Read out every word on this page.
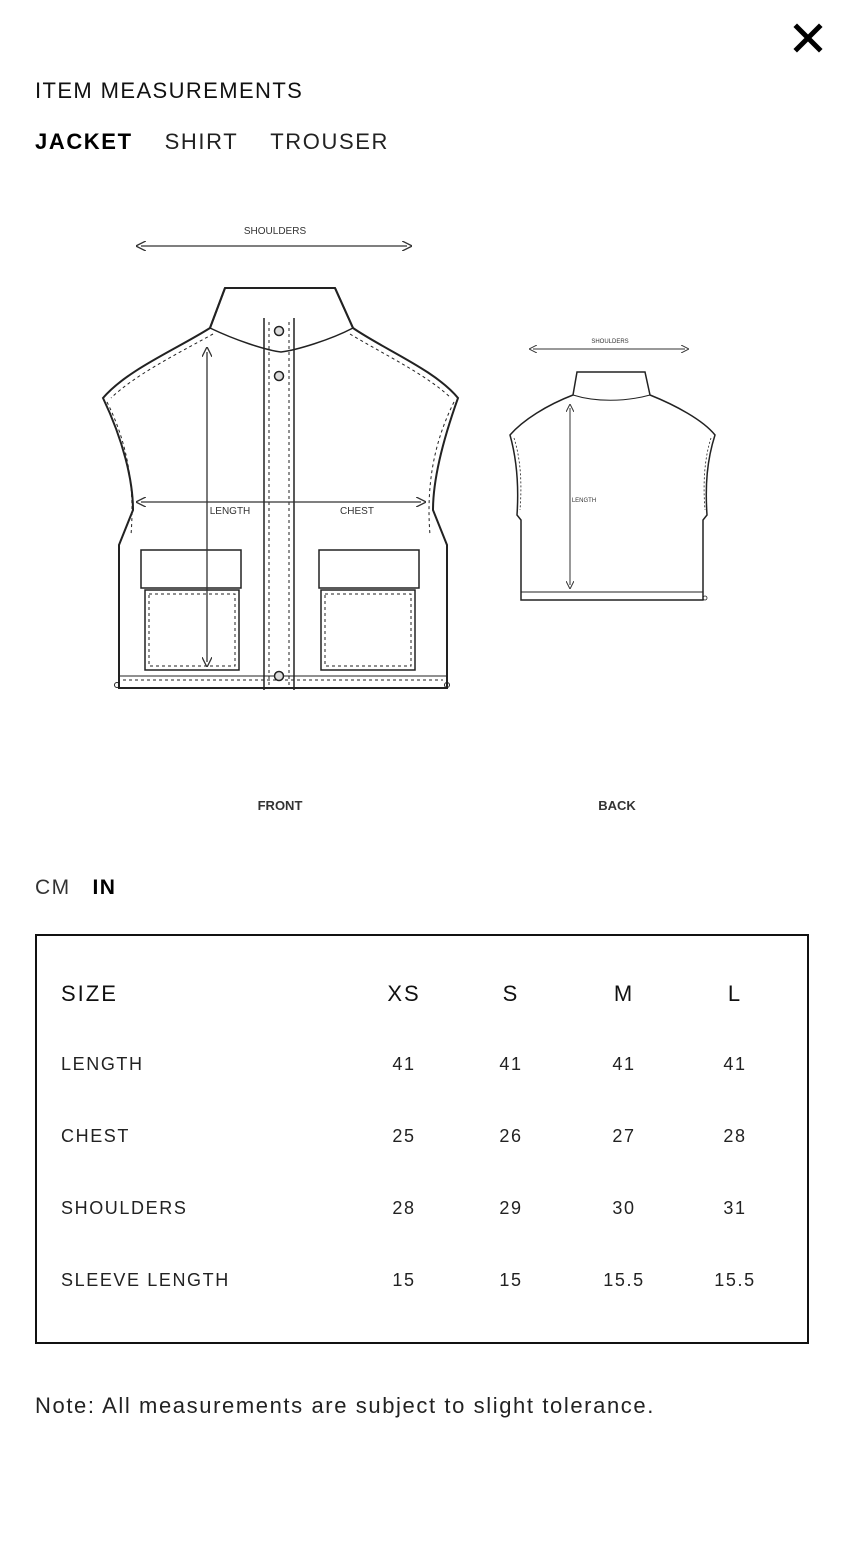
ITEM MEASUREMENTS
JACKET SHIRT TROUSER
SHOULDERS
LENGTH	CHEST
SHOULDERS
LENGTH
FRONT	BACK
CM IN
SIZE	XS	S	M	L
LENGTH	41	41	41	41
CHEST	25	26	27	28
SHOULDERS	28	29	30	31
SLEEVE LENGTH	15	15	15.5	15.5
Note: All measurements are subject to slight tolerance.
